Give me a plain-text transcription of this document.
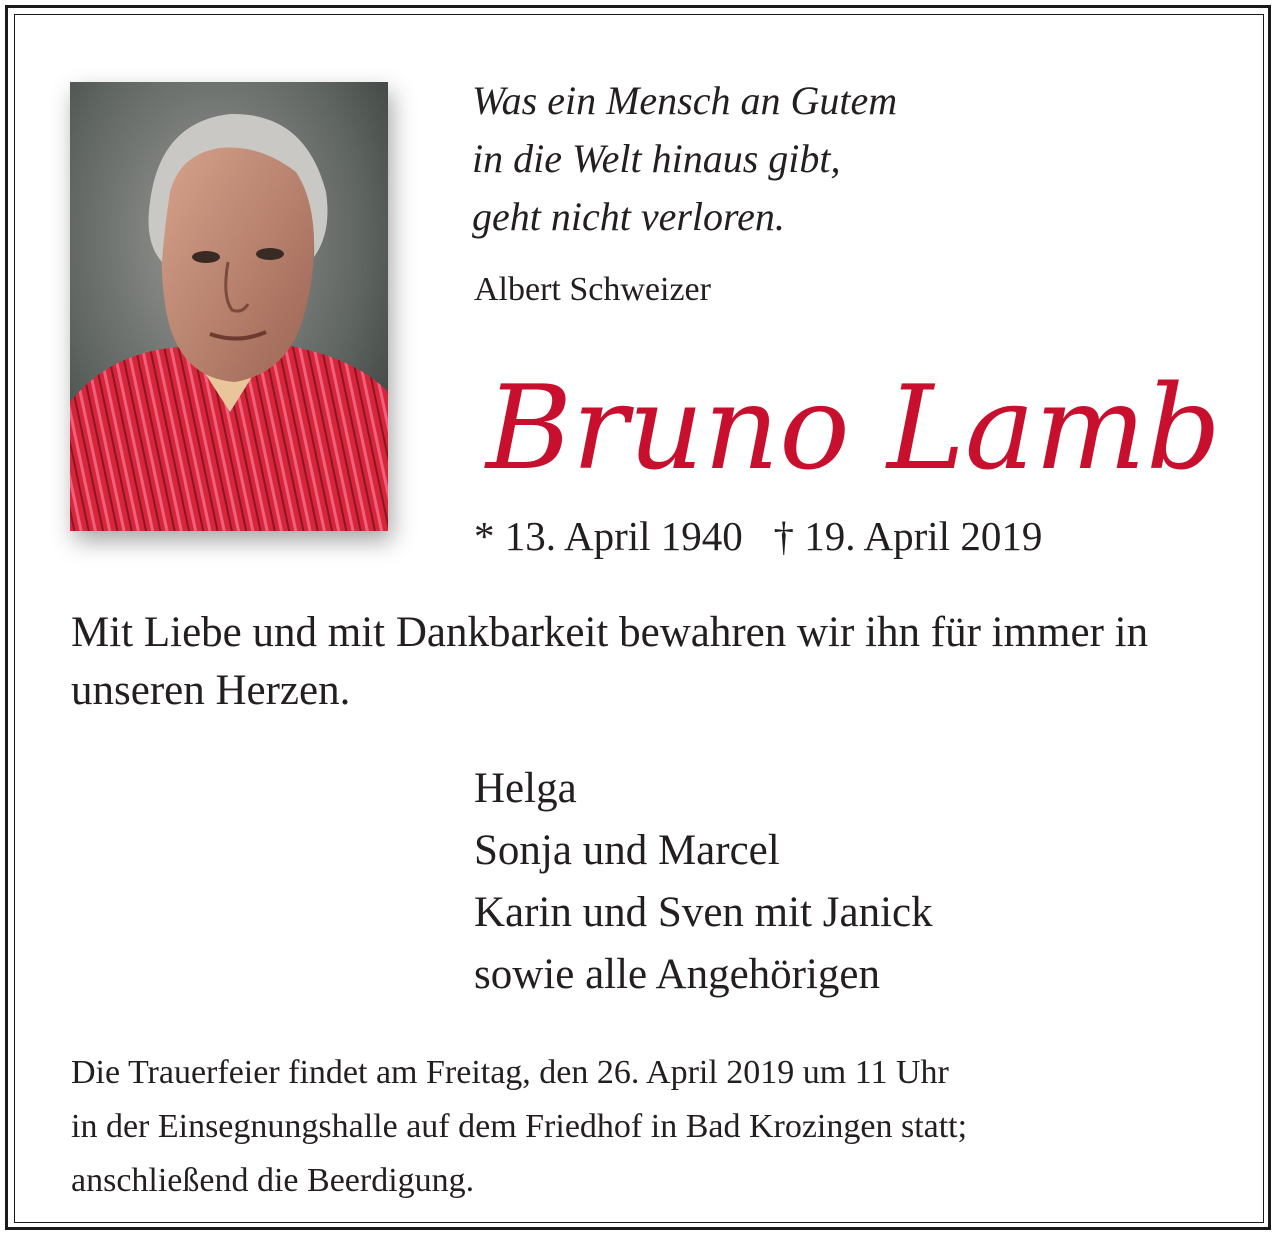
Was ein Mensch an Gutem
in die Welt hinaus gibt,
geht nicht verloren.
Albert Schweizer
Bruno Lamb
* 13. April 1940   † 19. April 2019
Mit Liebe und mit Dankbarkeit bewahren wir ihn für immer in unseren Herzen.
Helga
Sonja und Marcel
Karin und Sven mit Janick
sowie alle Angehörigen
Die Trauerfeier findet am Freitag, den 26. April 2019 um 11 Uhr
in der Einsegnungshalle auf dem Friedhof in Bad Krozingen statt;
anschließend die Beerdigung.
